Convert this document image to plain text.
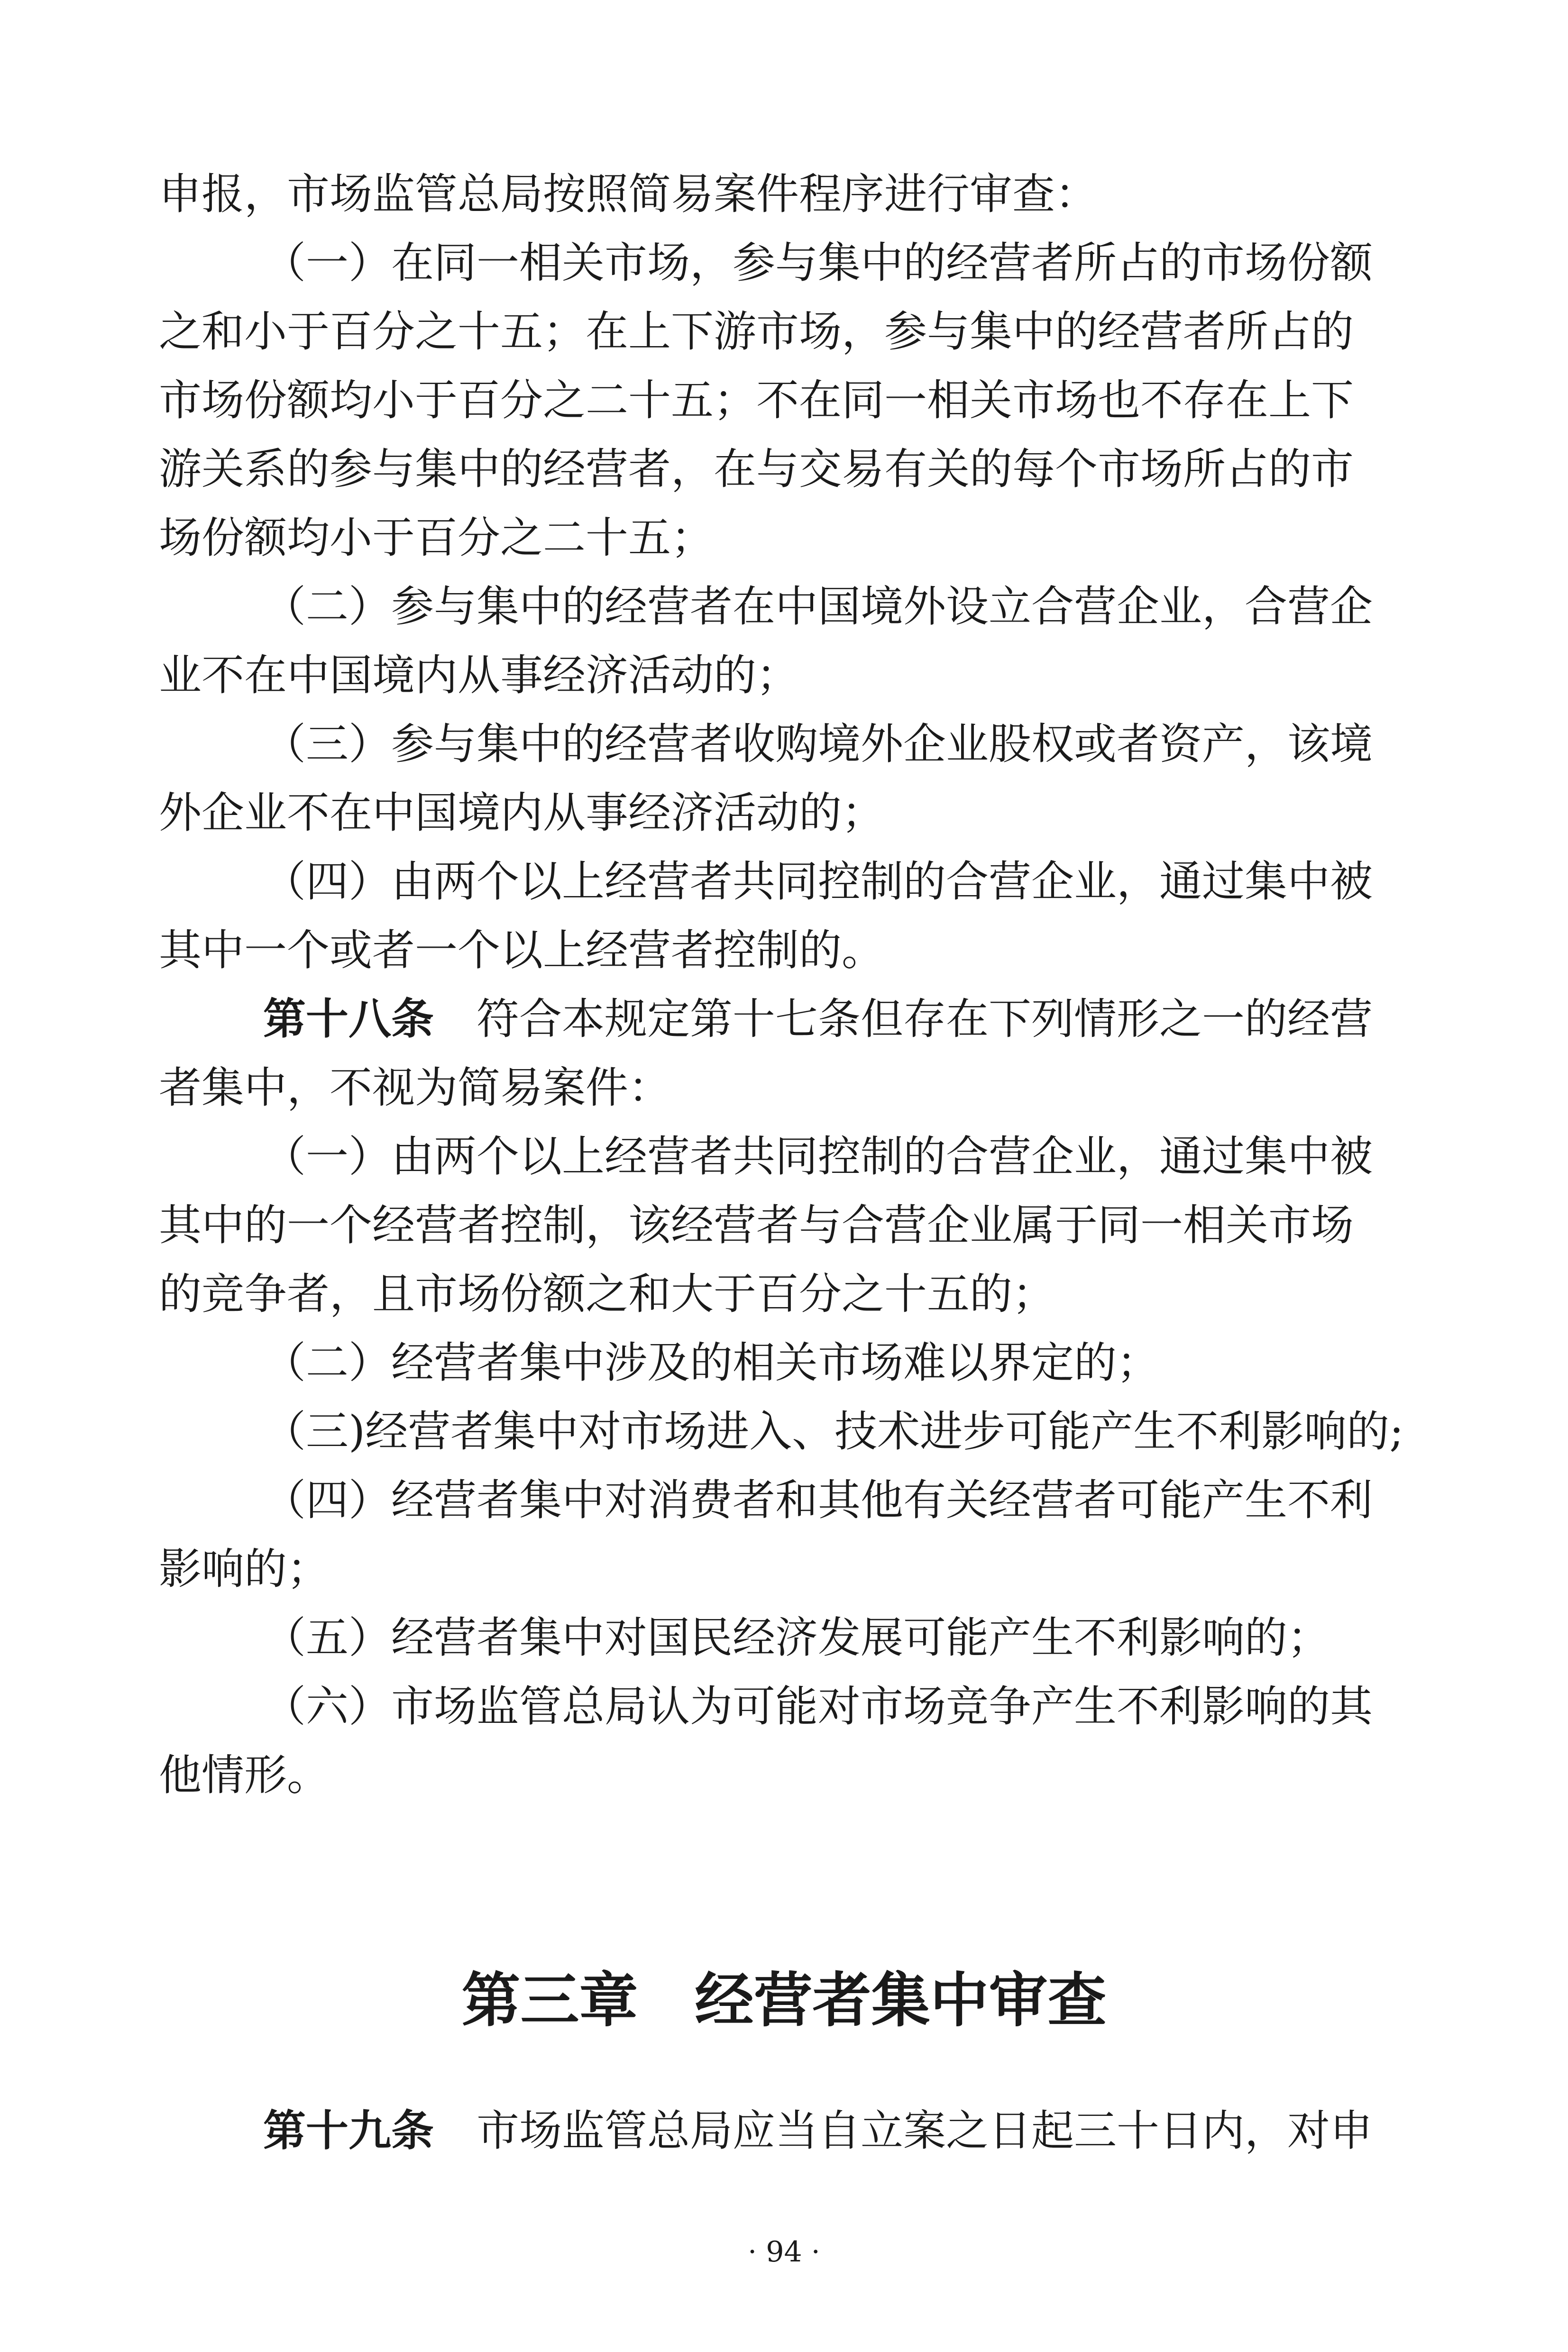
申报，市场监管总局按照简易案件程序进行审查：
（一）在同一相关市场，参与集中的经营者所占的市场份额
之和小于百分之十五；在上下游市场，参与集中的经营者所占的
市场份额均小于百分之二十五；不在同一相关市场也不存在上下
游关系的参与集中的经营者，在与交易有关的每个市场所占的市
场份额均小于百分之二十五；
（二）参与集中的经营者在中国境外设立合营企业，合营企
业不在中国境内从事经济活动的；
（三）参与集中的经营者收购境外企业股权或者资产，该境
外企业不在中国境内从事经济活动的；
（四）由两个以上经营者共同控制的合营企业，通过集中被
其中一个或者一个以上经营者控制的。
第十八条 符合本规定第十七条但存在下列情形之一的经营
者集中，不视为简易案件：
（一）由两个以上经营者共同控制的合营企业，通过集中被
其中的一个经营者控制，该经营者与合营企业属于同一相关市场
的竞争者，且市场份额之和大于百分之十五的；
（二）经营者集中涉及的相关市场难以界定的；
（三)经营者集中对市场进入、技术进步可能产生不利影响的;
（四）经营者集中对消费者和其他有关经营者可能产生不利
影响的；
（五）经营者集中对国民经济发展可能产生不利影响的；
（六）市场监管总局认为可能对市场竞争产生不利影响的其
他情形。
第三章 经营者集中审查
第十九条 市场监管总局应当自立案之日起三十日内，对申
· 94 ·
